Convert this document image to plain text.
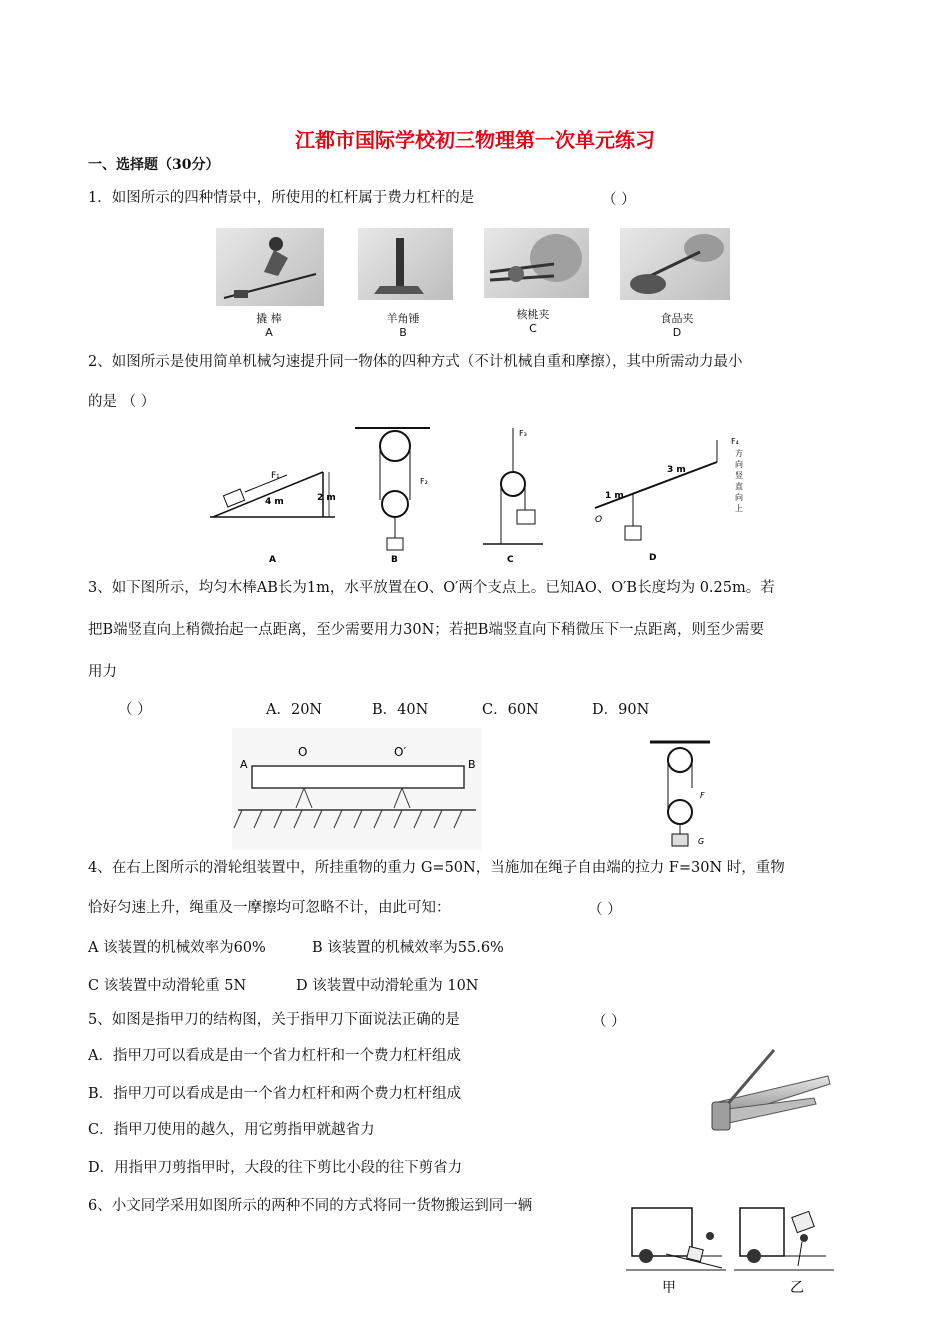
江都市国际学校初三物理第一次单元练习
一、选择题（30分）
1．如图所示的四种情景中，所使用的杠杆属于费力杠杆的是	（ ）
撬 棒
A
羊角锤
B
核桃夹
C
食品夹
D
2、如图所示是使用简单机械匀速提升同一物体的四种方式（不计机械自重和摩擦），其中所需动力最小
的是 （ ）
F₁
4 m	2 m
A
F₂
B
F₃
C
3 m
1 m
O
F₄
方
向
竖
直
向
上
D
3、如下图所示，均匀木棒AB长为1m，水平放置在O、O′两个支点上。已知AO、O′B长度均为 0.25m。若
把B端竖直向上稍微抬起一点距离，至少需要用力30N；若把B端竖直向下稍微压下一点距离，则至少需要
用力
（ ）	A．20N	B．40N	C．60N	D．90N
A	B
O	O′
F
G
4、在右上图所示的滑轮组装置中，所挂重物的重力 G=50N，当施加在绳子自由端的拉力 F=30N 时，重物
恰好匀速上升，绳重及一摩擦均可忽略不计，由此可知：	（ ）
A 该装置的机械效率为60%	B 该装置的机械效率为55.6%
C 该装置中动滑轮重 5N	D 该装置中动滑轮重为 10N
5、如图是指甲刀的结构图，关于指甲刀下面说法正确的是	（ ）
A．指甲刀可以看成是由一个省力杠杆和一个费力杠杆组成
B．指甲刀可以看成是由一个省力杠杆和两个费力杠杆组成
C．指甲刀使用的越久，用它剪指甲就越省力
D．用指甲刀剪指甲时，大段的往下剪比小段的往下剪省力
6、小文同学采用如图所示的两种不同的方式将同一货物搬运到同一辆
甲	乙
